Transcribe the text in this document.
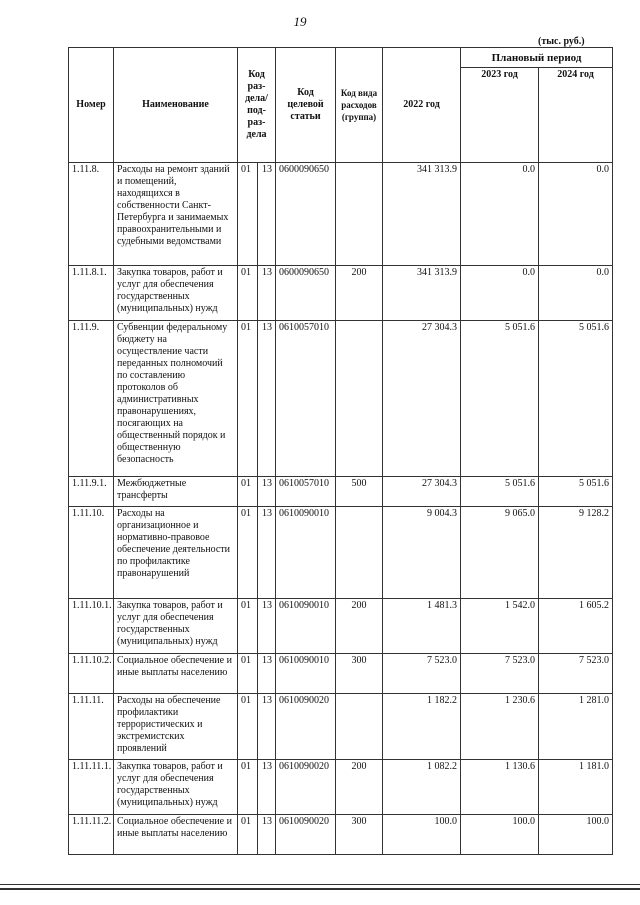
19
(тыс. руб.)
Номер	Наименование	Код раз-дела/ под-раз-дела		Код целевой статьи	Код вида расходов (группа)	2022 год	Плановый период	
							2023 год	2024 год
1.11.8.	Расходы на ремонт зданий и помещений, находящихся в собственности Санкт-Петербурга и занимаемых правоохранительными и судебными ведомствами	01	13	0600090650		341 313.9	0.0	0.0
1.11.8.1.	Закупка товаров, работ и услуг для обеспечения государственных (муниципальных) нужд	01	13	0600090650	200	341 313.9	0.0	0.0
1.11.9.	Субвенции федеральному бюджету на осуществление части переданных полномочий по составлению протоколов об административных правонарушениях, посягающих на общественный порядок и общественную безопасность	01	13	0610057010		27 304.3	5 051.6	5 051.6
1.11.9.1.	Межбюджетные трансферты	01	13	0610057010	500	27 304.3	5 051.6	5 051.6
1.11.10.	Расходы на организационное и нормативно-правовое обеспечение деятельности по профилактике правонарушений	01	13	0610090010		9 004.3	9 065.0	9 128.2
1.11.10.1.	Закупка товаров, работ и услуг для обеспечения государственных (муниципальных) нужд	01	13	0610090010	200	1 481.3	1 542.0	1 605.2
1.11.10.2.	Социальное обеспечение и иные выплаты населению	01	13	0610090010	300	7 523.0	7 523.0	7 523.0
1.11.11.	Расходы на обеспечение профилактики террористических и экстремистских проявлений	01	13	0610090020		1 182.2	1 230.6	1 281.0
1.11.11.1.	Закупка товаров, работ и услуг для обеспечения государственных (муниципальных) нужд	01	13	0610090020	200	1 082.2	1 130.6	1 181.0
1.11.11.2.	Социальное обеспечение и иные выплаты населению	01	13	0610090020	300	100.0	100.0	100.0
